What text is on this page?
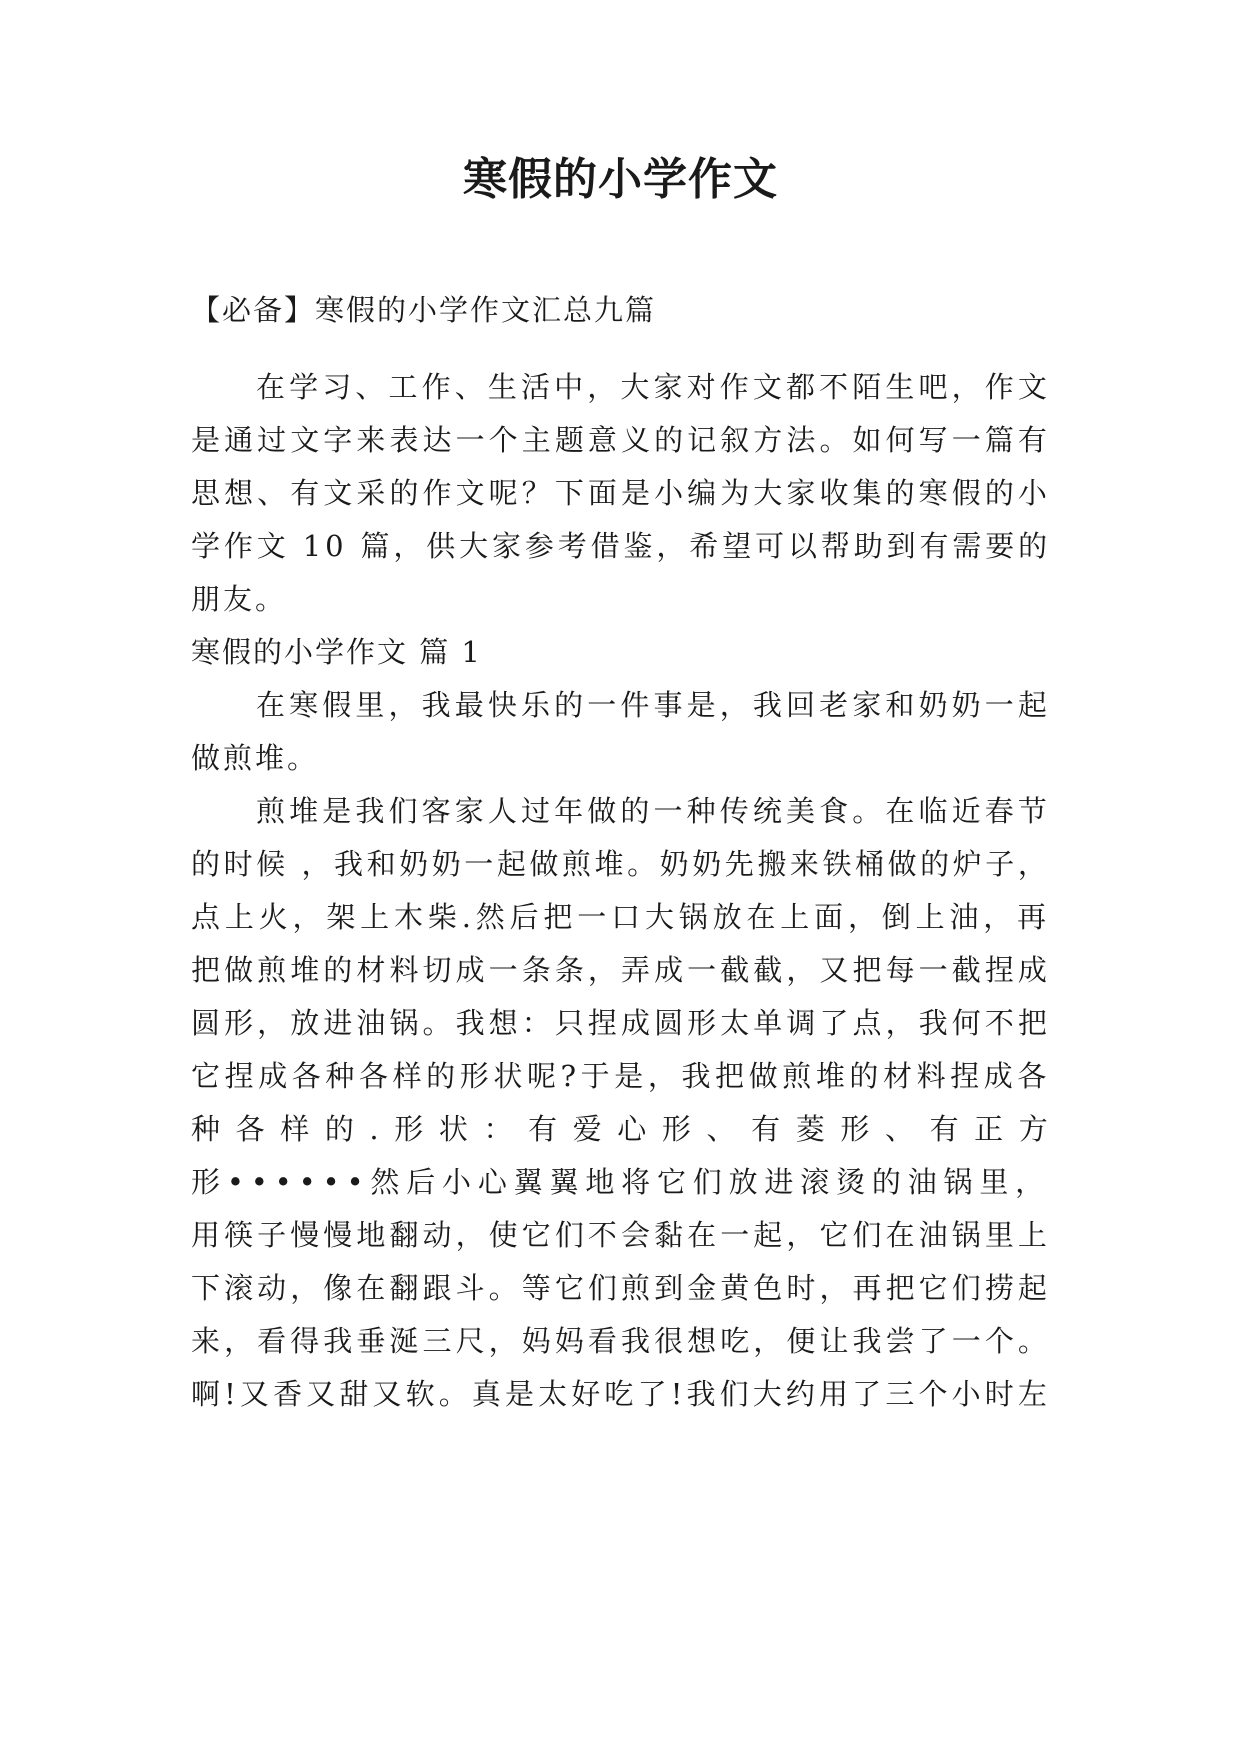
寒假的小学作文
【必备】寒假的小学作文汇总九篇
在学习、工作、生活中，大家对作文都不陌生吧，作文
是通过文字来表达一个主题意义的记叙方法。如何写一篇有
思想、有文采的作文呢？下面是小编为大家收集的寒假的小
学作文 10 篇，供大家参考借鉴，希望可以帮助到有需要的
朋友。
寒假的小学作文 篇 1
在寒假里，我最快乐的一件事是，我回老家和奶奶一起
做煎堆。
煎堆是我们客家人过年做的一种传统美食。在临近春节
的时候 ，我和奶奶一起做煎堆。奶奶先搬来铁桶做的炉子，
点上火，架上木柴.然后把一口大锅放在上面，倒上油，再
把做煎堆的材料切成一条条，弄成一截截，又把每一截捏成
圆形，放进油锅。我想：只捏成圆形太单调了点，我何不把
它捏成各种各样的形状呢?于是，我把做煎堆的材料捏成各
种 各 样 的 . 形 状 ： 有 爱 心 形 、 有 菱 形 、 有 正 方
形••••••然后小心翼翼地将它们放进滚烫的油锅里，
用筷子慢慢地翻动，使它们不会黏在一起，它们在油锅里上
下滚动，像在翻跟斗。等它们煎到金黄色时，再把它们捞起
来，看得我垂涎三尺，妈妈看我很想吃，便让我尝了一个。
啊!又香又甜又软。真是太好吃了!我们大约用了三个小时左
